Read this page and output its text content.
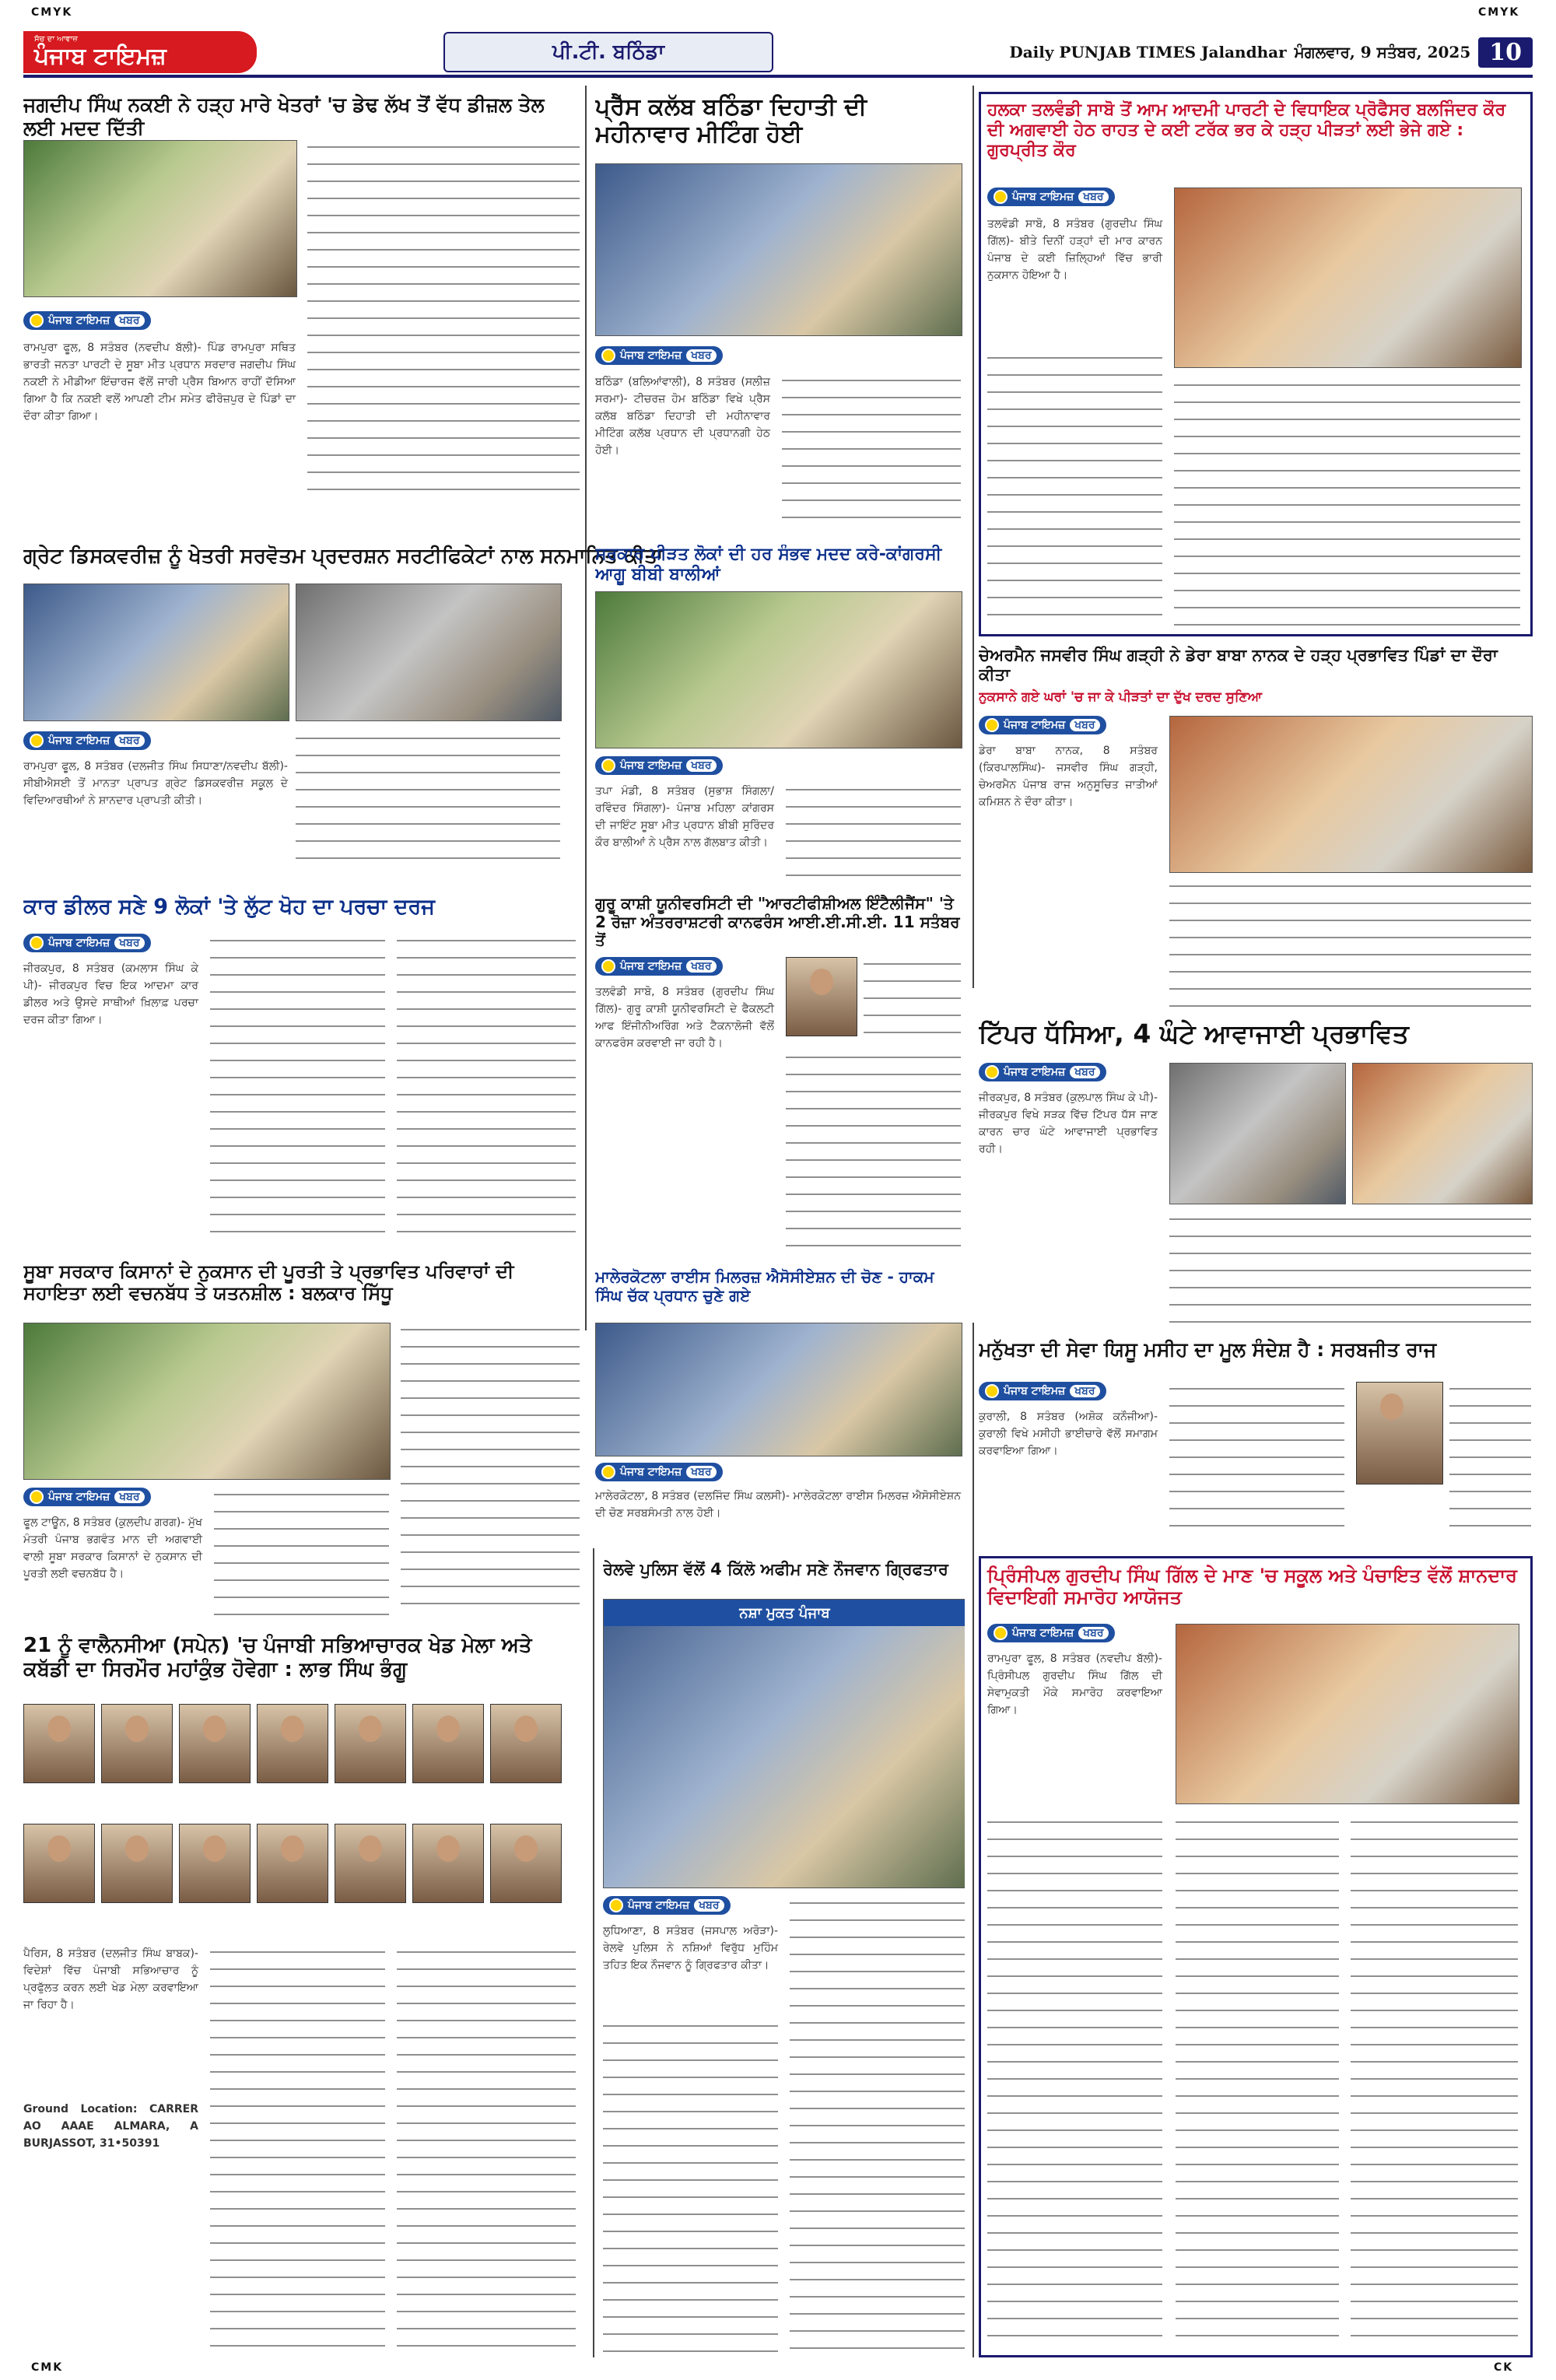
CMYK	CMYK
CMK	CK
ਸੱਚ ਦਾ ਆਵਾਜ਼
ਪੰਜਾਬ ਟਾਇਮਜ਼	ਪੀ.ਟੀ. ਬਠਿੰਡਾ	Daily PUNJAB TIMES Jalandhar ਮੰਗਲਵਾਰ, 9 ਸਤੰਬਰ, 2025 10
ਜਗਦੀਪ ਸਿੰਘ ਨਕਈ ਨੇ ਹੜ੍ਹ ਮਾਰੇ ਖੇਤਰਾਂ 'ਚ ਡੇਢ ਲੱਖ ਤੋਂ ਵੱਧ ਡੀਜ਼ਲ ਤੇਲ ਲਈ ਮਦਦ ਦਿੱਤੀ
ਪੰਜਾਬ ਟਾਇਮਜ਼ ਖਬਰ
ਰਾਮਪੁਰਾ ਫੂਲ, 8 ਸਤੰਬਰ (ਨਵਦੀਪ ਬੱਲੀ)- ਪਿੰਡ ਰਾਮਪੁਰਾ ਸਥਿਤ ਭਾਰਤੀ ਜਨਤਾ ਪਾਰਟੀ ਦੇ ਸੂਬਾ ਮੀਤ ਪ੍ਰਧਾਨ ਸਰਦਾਰ ਜਗਦੀਪ ਸਿੰਘ ਨਕਈ ਨੇ ਮੀਡੀਆ ਇੰਚਾਰਜ ਵੱਲੋਂ ਜਾਰੀ ਪ੍ਰੈਸ ਬਿਆਨ ਰਾਹੀਂ ਦੱਸਿਆ ਗਿਆ ਹੈ ਕਿ ਨਕਈ ਵਲੋਂ ਆਪਣੀ ਟੀਮ ਸਮੇਤ ਫੀਰੋਜ਼ਪੁਰ ਦੇ ਪਿੰਡਾਂ ਦਾ ਦੌਰਾ ਕੀਤਾ ਗਿਆ।
ਪ੍ਰੈੱਸ ਕਲੱਬ ਬਠਿੰਡਾ ਦਿਹਾਤੀ ਦੀ ਮਹੀਨਾਵਾਰ ਮੀਟਿੰਗ ਹੋਈ
ਪੰਜਾਬ ਟਾਇਮਜ਼ ਖਬਰ
ਬਠਿੰਡਾ (ਬਲਿਆਂਵਾਲੀ), 8 ਸਤੰਬਰ (ਸਲੀਜ਼ ਸਰਮਾ)- ਟੀਚਰਜ਼ ਹੋਮ ਬਠਿੰਡਾ ਵਿਖੇ ਪ੍ਰੈਸ ਕਲੱਬ ਬਠਿੰਡਾ ਦਿਹਾਤੀ ਦੀ ਮਹੀਨਾਵਾਰ ਮੀਟਿੰਗ ਕਲੱਬ ਪ੍ਰਧਾਨ ਦੀ ਪ੍ਰਧਾਨਗੀ ਹੇਠ ਹੋਈ।
ਹਲਕਾ ਤਲਵੰਡੀ ਸਾਬੋ ਤੋਂ ਆਮ ਆਦਮੀ ਪਾਰਟੀ ਦੇ ਵਿਧਾਇਕ ਪ੍ਰੋਫੈਸਰ ਬਲਜਿੰਦਰ ਕੌਰ ਦੀ ਅਗਵਾਈ ਹੇਠ ਰਾਹਤ ਦੇ ਕਈ ਟਰੱਕ ਭਰ ਕੇ ਹੜ੍ਹ ਪੀੜਤਾਂ ਲਈ ਭੇਜੇ ਗਏ : ਗੁਰਪ੍ਰੀਤ ਕੌਰ
ਪੰਜਾਬ ਟਾਇਮਜ਼ ਖਬਰ
ਤਲਵੰਡੀ ਸਾਬੋ, 8 ਸਤੰਬਰ (ਗੁਰਦੀਪ ਸਿੰਘ ਗਿੱਲ)- ਬੀਤੇ ਦਿਨੀਂ ਹੜ੍ਹਾਂ ਦੀ ਮਾਰ ਕਾਰਨ ਪੰਜਾਬ ਦੇ ਕਈ ਜ਼ਿਲ੍ਹਿਆਂ ਵਿੱਚ ਭਾਰੀ ਨੁਕਸਾਨ ਹੋਇਆ ਹੈ।
ਗ੍ਰੇਟ ਡਿਸਕਵਰੀਜ਼ ਨੂੰ ਖੇਤਰੀ ਸਰਵੋਤਮ ਪ੍ਰਦਰਸ਼ਨ ਸਰਟੀਫਿਕੇਟਾਂ ਨਾਲ ਸਨਮਾਨਿਤ ਕੀਤਾ
ਪੰਜਾਬ ਟਾਇਮਜ਼ ਖਬਰ
ਰਾਮਪੁਰਾ ਫੂਲ, 8 ਸਤੰਬਰ (ਦਲਜੀਤ ਸਿੰਘ ਸਿਧਾਣਾ/ਨਵਦੀਪ ਬੱਲੀ)- ਸੀਬੀਐਸਈ ਤੋਂ ਮਾਨਤਾ ਪ੍ਰਾਪਤ ਗ੍ਰੇਟ ਡਿਸਕਵਰੀਜ਼ ਸਕੂਲ ਦੇ ਵਿਦਿਆਰਥੀਆਂ ਨੇ ਸ਼ਾਨਦਾਰ ਪ੍ਰਾਪਤੀ ਕੀਤੀ।
ਸਰਕਾਰ ਪੀੜਤ ਲੋਕਾਂ ਦੀ ਹਰ ਸੰਭਵ ਮਦਦ ਕਰੇ-ਕਾਂਗਰਸੀ ਆਗੂ ਬੀਬੀ ਬਾਲੀਆਂ
ਪੰਜਾਬ ਟਾਇਮਜ਼ ਖਬਰ
ਤਪਾ ਮੰਡੀ, 8 ਸਤੰਬਰ (ਸੁਭਾਸ਼ ਸਿੰਗਲਾ/ਰਵਿੰਦਰ ਸਿੰਗਲਾ)- ਪੰਜਾਬ ਮਹਿਲਾ ਕਾਂਗਰਸ ਦੀ ਜਾਇੰਟ ਸੂਬਾ ਮੀਤ ਪ੍ਰਧਾਨ ਬੀਬੀ ਸੁਰਿੰਦਰ ਕੌਰ ਬਾਲੀਆਂ ਨੇ ਪ੍ਰੈਸ ਨਾਲ ਗੱਲਬਾਤ ਕੀਤੀ।
ਚੇਅਰਮੈਨ ਜਸਵੀਰ ਸਿੰਘ ਗੜ੍ਹੀ ਨੇ ਡੇਰਾ ਬਾਬਾ ਨਾਨਕ ਦੇ ਹੜ੍ਹ ਪ੍ਰਭਾਵਿਤ ਪਿੰਡਾਂ ਦਾ ਦੌਰਾ ਕੀਤਾ
ਨੁਕਸਾਨੇ ਗਏ ਘਰਾਂ 'ਚ ਜਾ ਕੇ ਪੀੜਤਾਂ ਦਾ ਦੁੱਖ ਦਰਦ ਸੁਣਿਆ
ਪੰਜਾਬ ਟਾਇਮਜ਼ ਖਬਰ
ਡੇਰਾ ਬਾਬਾ ਨਾਨਕ, 8 ਸਤੰਬਰ (ਕਿਰਪਾਲਸਿੰਘ)- ਜਸਵੀਰ ਸਿੰਘ ਗੜ੍ਹੀ, ਚੇਅਰਮੈਨ ਪੰਜਾਬ ਰਾਜ ਅਨੁਸੂਚਿਤ ਜਾਤੀਆਂ ਕਮਿਸ਼ਨ ਨੇ ਦੌਰਾ ਕੀਤਾ।
ਕਾਰ ਡੀਲਰ ਸਣੇ 9 ਲੋਕਾਂ 'ਤੇ ਲੁੱਟ ਖੋਹ ਦਾ ਪਰਚਾ ਦਰਜ
ਪੰਜਾਬ ਟਾਇਮਜ਼ ਖਬਰ
ਜੀਰਕਪੁਰ, 8 ਸਤੰਬਰ (ਕਮਲਾਸ ਸਿੰਘ ਕੇ ਪੀ)- ਜੀਰਕਪੁਰ ਵਿਚ ਇਕ ਆਦਮਾ ਕਾਰ ਡੀਲਰ ਅਤੇ ਉਸਦੇ ਸਾਥੀਆਂ ਖ਼ਿਲਾਫ਼ ਪਰਚਾ ਦਰਜ ਕੀਤਾ ਗਿਆ।
ਗੁਰੂ ਕਾਸ਼ੀ ਯੂਨੀਵਰਸਿਟੀ ਦੀ "ਆਰਟੀਫੀਸ਼ੀਅਲ ਇੰਟੈਲੀਜੈਂਸ" 'ਤੇ 2 ਰੋਜ਼ਾ ਅੰਤਰਰਾਸ਼ਟਰੀ ਕਾਨਫਰੰਸ ਆਈ.ਈ.ਸੀ.ਈ. 11 ਸਤੰਬਰ ਤੋਂ
ਪੰਜਾਬ ਟਾਇਮਜ਼ ਖਬਰ
ਤਲਵੰਡੀ ਸਾਬੋ, 8 ਸਤੰਬਰ (ਗੁਰਦੀਪ ਸਿੰਘ ਗਿੱਲ)- ਗੁਰੂ ਕਾਸ਼ੀ ਯੂਨੀਵਰਸਿਟੀ ਦੇ ਫੈਕਲਟੀ ਆਫ ਇੰਜੀਨੀਅਰਿੰਗ ਅਤੇ ਟੈਕਨਾਲੋਜੀ ਵੱਲੋਂ ਕਾਨਫਰੰਸ ਕਰਵਾਈ ਜਾ ਰਹੀ ਹੈ।	ਟਿੱਪਰ ਧੱਸਿਆ, 4 ਘੰਟੇ ਆਵਾਜਾਈ ਪ੍ਰਭਾਵਿਤ
ਪੰਜਾਬ ਟਾਇਮਜ਼ ਖਬਰ
ਜੀਰਕਪੁਰ, 8 ਸਤੰਬਰ (ਕੁਲਪਾਲ ਸਿੰਘ ਕੇ ਪੀ)- ਜੀਰਕਪੁਰ ਵਿਖੇ ਸੜਕ ਵਿੱਚ ਟਿੱਪਰ ਧੱਸ ਜਾਣ ਕਾਰਨ ਚਾਰ ਘੰਟੇ ਆਵਾਜਾਈ ਪ੍ਰਭਾਵਿਤ ਰਹੀ।
ਸੂਬਾ ਸਰਕਾਰ ਕਿਸਾਨਾਂ ਦੇ ਨੁਕਸਾਨ ਦੀ ਪੂਰਤੀ ਤੇ ਪ੍ਰਭਾਵਿਤ ਪਰਿਵਾਰਾਂ ਦੀ ਸਹਾਇਤਾ ਲਈ ਵਚਨਬੱਧ ਤੇ ਯਤਨਸ਼ੀਲ : ਬਲਕਾਰ ਸਿੱਧੂ
ਪੰਜਾਬ ਟਾਇਮਜ਼ ਖਬਰ
ਫੂਲ ਟਾਊਨ, 8 ਸਤੰਬਰ (ਕੁਲਦੀਪ ਗਰਗ)- ਮੁੱਖ ਮੰਤਰੀ ਪੰਜਾਬ ਭਗਵੰਤ ਮਾਨ ਦੀ ਅਗਵਾਈ ਵਾਲੀ ਸੂਬਾ ਸਰਕਾਰ ਕਿਸਾਨਾਂ ਦੇ ਨੁਕਸਾਨ ਦੀ ਪੂਰਤੀ ਲਈ ਵਚਨਬੱਧ ਹੈ।
ਮਾਲੇਰਕੋਟਲਾ ਰਾਈਸ ਮਿਲਰਜ਼ ਐਸੋਸੀਏਸ਼ਨ ਦੀ ਚੋਣ - ਹਾਕਮ ਸਿੰਘ ਚੱਕ ਪ੍ਰਧਾਨ ਚੁਣੇ ਗਏ
ਪੰਜਾਬ ਟਾਇਮਜ਼ ਖਬਰ
ਮਾਲੇਰਕੋਟਲਾ, 8 ਸਤੰਬਰ (ਦਲਜਿੰਦ ਸਿੰਘ ਕਲਸੀ)- ਮਾਲੇਰਕੋਟਲਾ ਰਾਈਸ ਮਿਲਰਜ਼ ਐਸੋਸੀਏਸ਼ਨ ਦੀ ਚੋਣ ਸਰਬਸੰਮਤੀ ਨਾਲ ਹੋਈ।
ਮਨੁੱਖਤਾ ਦੀ ਸੇਵਾ ਯਿਸੂ ਮਸੀਹ ਦਾ ਮੂਲ ਸੰਦੇਸ਼ ਹੈ : ਸਰਬਜੀਤ ਰਾਜ
ਪੰਜਾਬ ਟਾਇਮਜ਼ ਖਬਰ
ਕੁਰਾਲੀ, 8 ਸਤੰਬਰ (ਅਸ਼ੋਕ ਕਨੌਜੀਆ)- ਕੁਰਾਲੀ ਵਿਖੇ ਮਸੀਹੀ ਭਾਈਚਾਰੇ ਵੱਲੋਂ ਸਮਾਗਮ ਕਰਵਾਇਆ ਗਿਆ।
21 ਨੂੰ ਵਾਲੈਨਸੀਆ (ਸਪੇਨ) 'ਚ ਪੰਜਾਬੀ ਸਭਿਆਚਾਰਕ ਖੇਡ ਮੇਲਾ ਅਤੇ ਕਬੱਡੀ ਦਾ ਸਿਰਮੌਰ ਮਹਾਂਕੁੰਭ ਹੋਵੇਗਾ : ਲਾਭ ਸਿੰਘ ਭੰਗੂ
ਪੈਰਿਸ, 8 ਸਤੰਬਰ (ਦਲਜੀਤ ਸਿੰਘ ਬਾਬਕ)- ਵਿਦੇਸ਼ਾਂ ਵਿੱਚ ਪੰਜਾਬੀ ਸਭਿਆਚਾਰ ਨੂੰ ਪ੍ਰਫੁੱਲਤ ਕਰਨ ਲਈ ਖੇਡ ਮੇਲਾ ਕਰਵਾਇਆ ਜਾ ਰਿਹਾ ਹੈ।
Ground Location: CARRER AO AAAE ALMARA, A BURJASSOT, 31•50391
ਰੇਲਵੇ ਪੁਲਿਸ ਵੱਲੋਂ 4 ਕਿੱਲੋ ਅਫੀਮ ਸਣੇ ਨੌਜਵਾਨ ਗ੍ਰਿਫਤਾਰ
ਨਸ਼ਾ ਮੁਕਤ ਪੰਜਾਬ
ਪੰਜਾਬ ਟਾਇਮਜ਼ ਖਬਰ
ਲੁਧਿਆਣਾ, 8 ਸਤੰਬਰ (ਜਸਪਾਲ ਅਰੋੜਾ)- ਰੇਲਵੇ ਪੁਲਿਸ ਨੇ ਨਸ਼ਿਆਂ ਵਿਰੁੱਧ ਮੁਹਿੰਮ ਤਹਿਤ ਇਕ ਨੌਜਵਾਨ ਨੂੰ ਗ੍ਰਿਫਤਾਰ ਕੀਤਾ।
ਪ੍ਰਿੰਸੀਪਲ ਗੁਰਦੀਪ ਸਿੰਘ ਗਿੱਲ ਦੇ ਮਾਣ 'ਚ ਸਕੂਲ ਅਤੇ ਪੰਚਾਇਤ ਵੱਲੋਂ ਸ਼ਾਨਦਾਰ ਵਿਦਾਇਗੀ ਸਮਾਰੋਹ ਆਯੋਜਤ
ਪੰਜਾਬ ਟਾਇਮਜ਼ ਖਬਰ
ਰਾਮਪੁਰਾ ਫੂਲ, 8 ਸਤੰਬਰ (ਨਵਦੀਪ ਬੱਲੀ)- ਪ੍ਰਿੰਸੀਪਲ ਗੁਰਦੀਪ ਸਿੰਘ ਗਿੱਲ ਦੀ ਸੇਵਾਮੁਕਤੀ ਮੌਕੇ ਸਮਾਰੋਹ ਕਰਵਾਇਆ ਗਿਆ।
